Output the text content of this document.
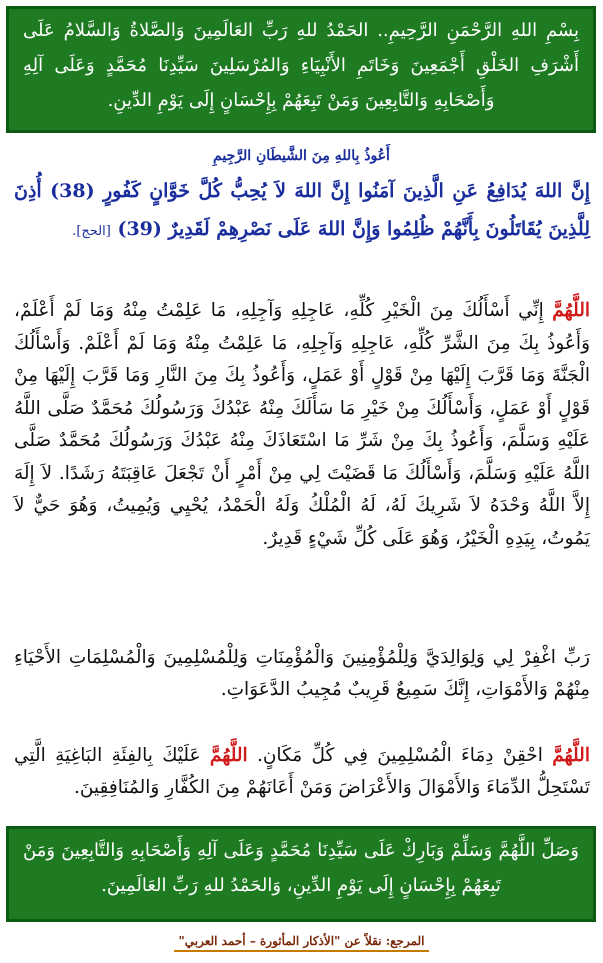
بِسْمِ اللهِ الرَّحْمَنِ الرَّحِيمِ.. الحَمْدُ للهِ رَبِّ العَالَمِينَ وَالصَّلاةُ وَالسَّلامُ عَلَى أَشْرَفِ الخَلْقِ أَجْمَعِينَ وَخَاتَمِ الأَنْبِيَاءِ وَالمُرْسَلِينَ سَيِّدِنَا مُحَمَّدٍ وَعَلَى آلِهِ وَأَصْحَابِهِ وَالتَّابِعِينَ وَمَنْ تَبِعَهُمْ بِإِحْسَانٍ إِلَى يَوْمِ الدِّينِ.
أَعُوذُ بِاللهِ مِنَ الشَّيطَانِ الرَّجِيمِ
إِنَّ اللهَ يُدَافِعُ عَنِ الَّذِينَ آمَنُوا إِنَّ اللهَ لاَ يُحِبُّ كُلَّ خَوَّانٍ كَفُورٍ (38) أُذِنَ لِلَّذِينَ يُقَاتَلُونَ بِأَنَّهُمْ ظُلِمُوا وَإِنَّ اللهَ عَلَى نَصْرِهِمْ لَقَدِيرٌ (39) [الحج].
اللَّهُمَّ إِنِّي أَسْأَلُكَ مِنَ الْخَيْرِ كُلِّهِ، عَاجِلِهِ وَآجِلِهِ، مَا عَلِمْتُ مِنْهُ وَمَا لَمْ أَعْلَمْ، وَأَعُوذُ بِكَ مِنَ الشَّرِّ كُلِّهِ، عَاجِلِهِ وَآجِلِهِ، مَا عَلِمْتُ مِنْهُ وَمَا لَمْ أَعْلَمْ. وَأَسْأَلُكَ الْجَنَّةَ وَمَا قَرَّبَ إِلَيْهَا مِنْ قَوْلٍ أَوْ عَمَلٍ، وَأَعُوذُ بِكَ مِنَ النَّارِ وَمَا قَرَّبَ إِلَيْهَا مِنْ قَوْلٍ أَوْ عَمَلٍ، وَأَسْأَلُكَ مِنْ خَيْرِ مَا سَأَلَكَ مِنْهُ عَبْدُكَ وَرَسُولُكَ مُحَمَّدٌ صَلَّى اللَّهُ عَلَيْهِ وَسَلَّمَ، وَأَعُوذُ بِكَ مِنْ شَرِّ مَا اسْتَعَاذَكَ مِنْهُ عَبْدُكَ وَرَسُولُكَ مُحَمَّدٌ صَلَّى اللَّهُ عَلَيْهِ وَسَلَّمَ، وَأَسْأَلُكَ مَا قَضَيْتَ لِي مِنْ أَمْرٍ أَنْ تَجْعَلَ عَاقِبَتَهُ رَشَدًا. لاَ إِلَهَ إِلاَّ اللَّهُ وَحْدَهُ لاَ شَرِيكَ لَهُ، لَهُ الْمُلْكُ وَلَهُ الْحَمْدُ، يُحْيِي وَيُمِيتُ، وَهُوَ حَيٌّ لاَ يَمُوتُ، بِيَدِهِ الْخَيْرُ، وَهُوَ عَلَى كُلِّ شَيْءٍ قَدِيرٌ.
رَبِّ اغْفِرْ لِي وَلِوَالِدَيَّ وَلِلْمُؤْمِنِينَ وَالْمُؤْمِنَاتِ وَلِلْمُسْلِمِينَ وَالْمُسْلِمَاتِ الأَحْيَاءِ مِنْهُمْ وَالأَمْوَاتِ، إِنَّكَ سَمِيعٌ قَرِيبٌ مُجِيبُ الدَّعَوَاتِ.
اللَّهُمَّ احْقِنْ دِمَاءَ الْمُسْلِمِينَ فِي كُلِّ مَكَانٍ. اللَّهُمَّ عَلَيْكَ بِالفِئَةِ البَاغِيَةِ الَّتِي تَسْتَحِلُّ الدِّمَاءَ وَالأَمْوَالَ وَالأَعْرَاضَ وَمَنْ أَعَانَهُمْ مِنَ الكُفَّارِ وَالمُنَافِقِينَ.
وَصَلِّ اللَّهُمَّ وَسَلِّمْ وَبَارِكْ عَلَى سَيِّدِنَا مُحَمَّدٍ وَعَلَى آلِهِ وَأَصْحَابِهِ وَالتَّابِعِينَ وَمَنْ تَبِعَهُمْ بِإِحْسَانٍ إِلَى يَوْمِ الدِّينِ، وَالحَمْدُ للهِ رَبِّ العَالَمِينَ.
المرجع: نقلاً عن "الأذكار المأثورة – أحمد العربي"
